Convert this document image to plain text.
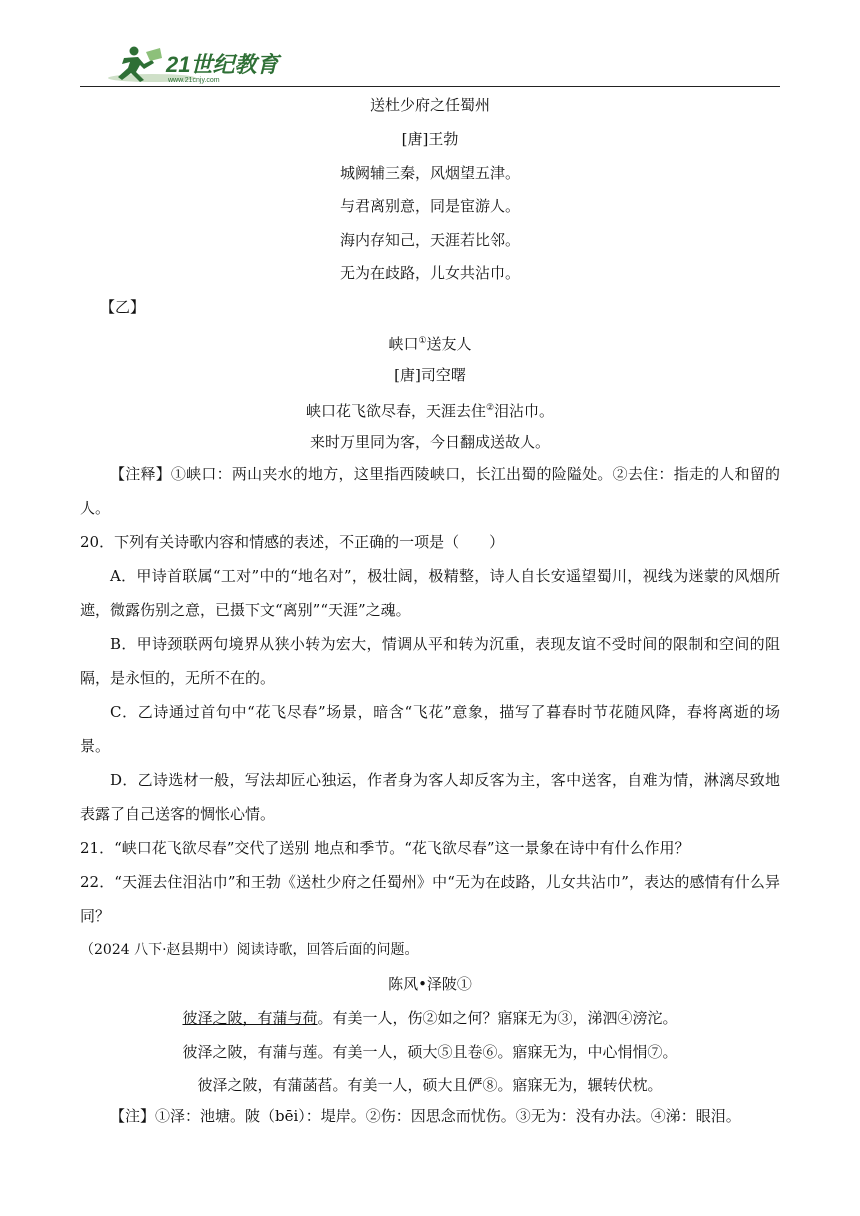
21世纪教育
www.21cnjy.com
送杜少府之任蜀州
[唐]王勃
城阙辅三秦，风烟望五津。
与君离别意，同是宦游人。
海内存知己，天涯若比邻。
无为在歧路，儿女共沾巾。
【乙】
峡口①送友人
[唐]司空曙
峡口花飞欲尽春，天涯去住②泪沾巾。
来时万里同为客，今日翻成送故人。
【注释】①峡口：两山夹水的地方，这里指西陵峡口，长江出蜀的险隘处。②去住：指走的人和留的人。
20．下列有关诗歌内容和情感的表述，不正确的一项是（　　）
A．甲诗首联属“工对”中的“地名对”，极壮阔，极精整，诗人自长安遥望蜀川，视线为迷蒙的风烟所遮，微露伤别之意，已摄下文“离别”“天涯”之魂。
B．甲诗颈联两句境界从狭小转为宏大，情调从平和转为沉重，表现友谊不受时间的限制和空间的阻隔，是永恒的，无所不在的。
C．乙诗通过首句中“花飞尽春”场景，暗含“飞花”意象，描写了暮春时节花随风降，春将离逝的场景。
D．乙诗选材一般，写法却匠心独运，作者身为客人却反客为主，客中送客，自难为情，淋漓尽致地表露了自己送客的惆怅心情。
21．“峡口花飞欲尽春”交代了送别 地点和季节。“花飞欲尽春”这一景象在诗中有什么作用？
22．“天涯去住泪沾巾”和王勃《送杜少府之任蜀州》中“无为在歧路，儿女共沾巾”，表达的感情有什么异同？
（2024 八下·赵县期中）阅读诗歌，回答后面的问题。
陈风•泽陂①
彼泽之陂，有蒲与荷。有美一人，伤②如之何？寤寐无为③，涕泗④滂沱。
彼泽之陂，有蒲与莲。有美一人，硕大⑤且卷⑥。寤寐无为，中心悁悁⑦。
彼泽之陂，有蒲菡萏。有美一人，硕大且俨⑧。寤寐无为，辗转伏枕。
【注】①泽：池塘。陂（bēi）：堤岸。②伤：因思念而忧伤。③无为：没有办法。④涕：眼泪。
